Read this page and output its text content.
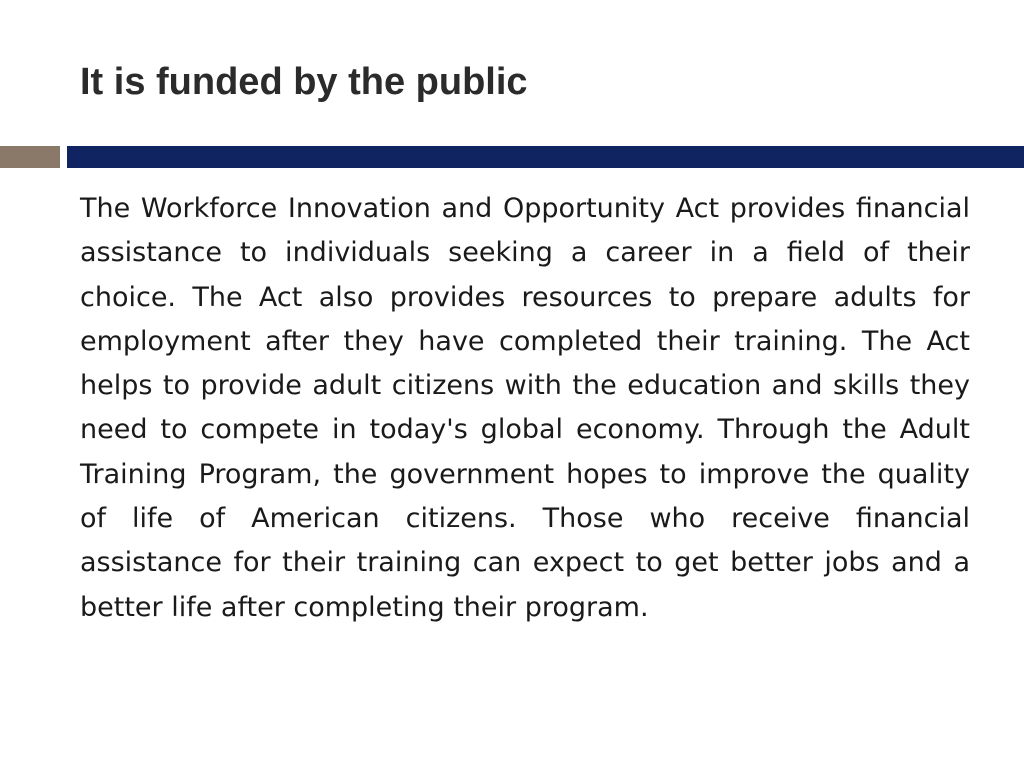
It is funded by the public

The Workforce Innovation and Opportunity Act provides financial assistance to individuals seeking a career in a field of their choice. The Act also provides resources to prepare adults for employment after they have completed their training. The Act helps to provide adult citizens with the education and skills they need to compete in today's global economy. Through the Adult Training Program, the government hopes to improve the quality of life of American citizens. Those who receive financial assistance for their training can expect to get better jobs and a better life after completing their program.
